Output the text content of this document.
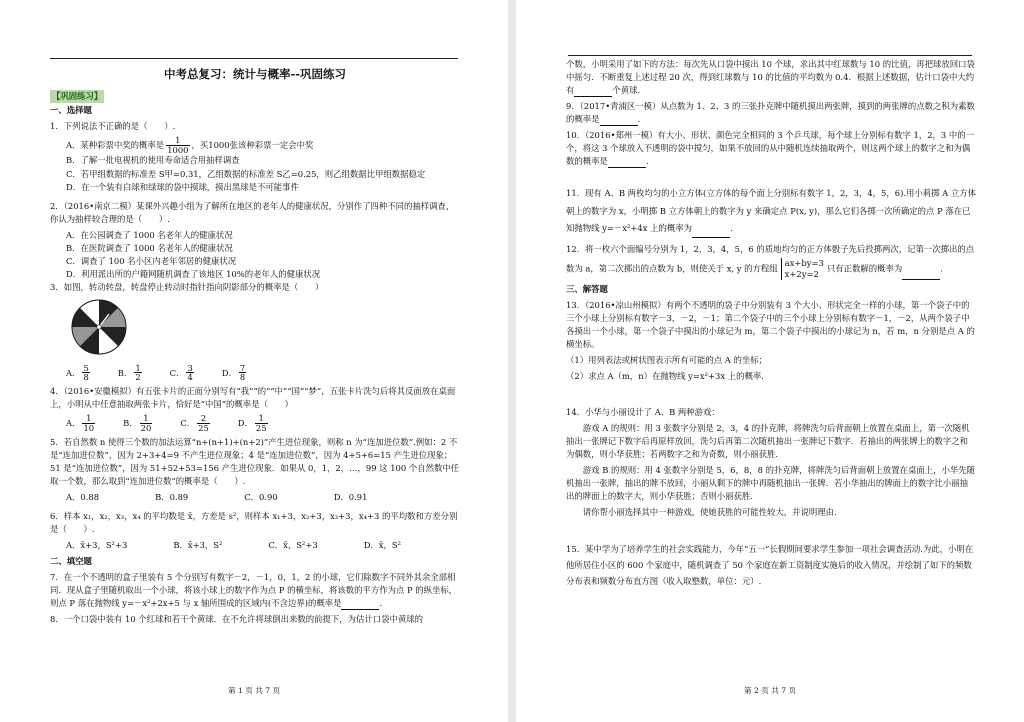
中考总复习：统计与概率--巩固练习
【巩固练习】
一、选择题

1．下列说法不正确的是（　　）.

A．某种彩票中奖的概率是 $\frac{1}{1000}$ ，买1000张该种彩票一定会中奖

B．了解一批电视机的使用寿命适合用抽样调查

C．若甲组数据的标准差 S甲=0.31，乙组数据的标准差 S乙=0.25，则乙组数据比甲组数据稳定

D．在一个装有白球和绿球的袋中摸球，摸出黑球是不可能事件

2．（2016•南京二模）某课外兴趣小组为了解所在地区的老年人的健康状况，分别作了四种不同的抽样调查，你认为抽样较合理的是（　　）.

A．在公园调查了 1000 名老年人的健康状况

B．在医院调查了 1000 名老年人的健康状况

C．调查了 100 名小区内老年邻居的健康状况

D．利用派出所的户籍网随机调查了该地区 10%的老年人的健康状况

3．如图，转动转盘，转盘停止转动时指针指向阴影部分的概率是（　　）

A． $\frac{5}{8}$	B． $\frac{1}{2}$	C． $\frac{3}{4}$	D． $\frac{7}{8}$

4．（2016•安徽模拟）有五张卡片的正面分别写有“我”“的”“中”“国”“梦”，五张卡片洗匀后将其反面放在桌面上，小明从中任意抽取两张卡片，恰好是“中国”的概率是（　　）

A． $\frac{1}{10}$	B． $\frac{1}{20}$	C． $\frac{2}{25}$	D． $\frac{1}{25}$

5．若自然数 n 使得三个数的加法运算“n+(n+1)+(n+2)”产生进位现象，则称 n 为“连加进位数”.例如：2 不是“连加进位数”，因为 2+3+4=9 不产生进位现象；4 是“连加进位数”，因为 4+5+6=15 产生进位现象；51 是“连加进位数”，因为 51+52+53=156 产生进位现象．如果从 0，1，2，…，99 这 100 个自然数中任取一个数，那么取到“连加进位数”的概率是（　　）.

A．0.88	B．0.89	C．0.90	D．0.91

6．样本 x₁，x₂，x₃，x₄ 的平均数是 x̄，方差是 s²，则样本 x₁+3，x₂+3，x₃+3，x₄+3 的平均数和方差分别是（　　）.

A．x̄+3，S²+3	B．x̄+3，S²	C．x̄，S²+3	D．x̄，S²
二、填空题

7．在一个不透明的盒子里装有 5 个分别写有数字－2，－1，0，1，2 的小球，它们除数字不同外其余全部相同．现从盒子里随机取出一个小球，将该小球上的数字作为点 P 的横坐标，将该数的平方作为点 P 的纵坐标，则点 P 落在抛物线 y=－x²+2x+5 与 x 轴所围成的区域内(不含边界)的概率是	.

8．一个口袋中装有 10 个红球和若干个黄球．在不允许将球倒出来数的前提下，为估计口袋中黄球的

第 1 页 共 7 页

个数，小明采用了如下的方法：每次先从口袋中摸出 10 个球，求出其中红球数与 10 的比值，再把球放回口袋中摇匀．不断重复上述过程 20 次，得到红球数与 10 的比值的平均数为 0.4．根据上述数据，估计口袋中大约有	个黄球．

9．（2017•青浦区一模）从点数为 1、2、3 的三张扑克牌中随机摸出两张牌，摸到的两张牌的点数之积为素数的概率是	.

10．（2016•郑州一模）有大小、形状、颜色完全相同的 3 个乒乓球，每个球上分别标有数字 1，2，3 中的一个，将这 3 个球放入不透明的袋中搅匀，如果不放回的从中随机连续抽取两个，则这两个球上的数字之和为偶数的概率是	.

11．现有 A、B 两枚均匀的小立方体(立方体的每个面上分别标有数字 1，2，3，4，5，6).用小莉掷 A 立方体朝上的数字为 x，小明掷 B 立方体朝上的数字为 y 来确定点 P(x, y)，那么它们各掷一次所确定的点 P 落在已知抛物线 y=－x²+4x 上的概率为	.

12．将一枚六个面编号分别为 1，2，3，4，5，6 的质地均匀的正方体骰子先后投掷两次，记第一次掷出的点数为 a，第二次掷出的点数为 b，则使关于 x, y 的方程组
ax+by=3
x+2y=2
只有正数解的概率为	.

三、解答题

13．（2016•凉山州模拟）有两个不透明的袋子中分别装有 3 个大小、形状完全一样的小球，第一个袋子中的三个小球上分别标有数字－3，－2，－1；第二个袋子中的三个小球上分别标有数字－1，－2，从两个袋子中各摸出一个小球，第一个袋子中摸出的小球记为 m，第二个袋子中摸出的小球记为 n，若 m，n 分别是点 A 的横坐标。

（1）用列表法或树状图表示所有可能的点 A 的坐标；

（2）求点 A（m，n）在抛物线 y=x²+3x 上的概率.

14．小华与小丽设计了 A、B 两种游戏：

游戏 A 的规则：用 3 张数字分别是 2，3，4 的扑克牌，将牌洗匀后背面朝上放置在桌面上，第一次随机抽出一张牌记下数字后再原样放回，洗匀后再第二次随机抽出一张牌记下数字．若抽出的两张牌上的数字之和为偶数，则小华获胜；若两数字之和为奇数，则小丽获胜.

游戏 B 的规则：用 4 张数字分别是 5，6，8，8 的扑克牌，将牌洗匀后背面朝上放置在桌面上，小华先随机抽出一张牌，抽出的牌不放回，小丽从剩下的牌中再随机抽出一张牌．若小华抽出的牌面上的数字比小丽抽出的牌面上的数字大，则小华获胜；否则小丽获胜.

请你帮小丽选择其中一种游戏，使她获胜的可能性较大，并说明理由.

15．某中学为了培养学生的社会实践能力，今年“五一”长假期间要求学生参加一项社会调查活动.为此，小明在他所居住小区的 600 个家庭中，随机调查了 50 个家庭在新工资制度实施后的收入情况，并绘制了如下的频数分布表和频数分布直方图（收入取整数，单位：元）.

第 2 页 共 7 页
